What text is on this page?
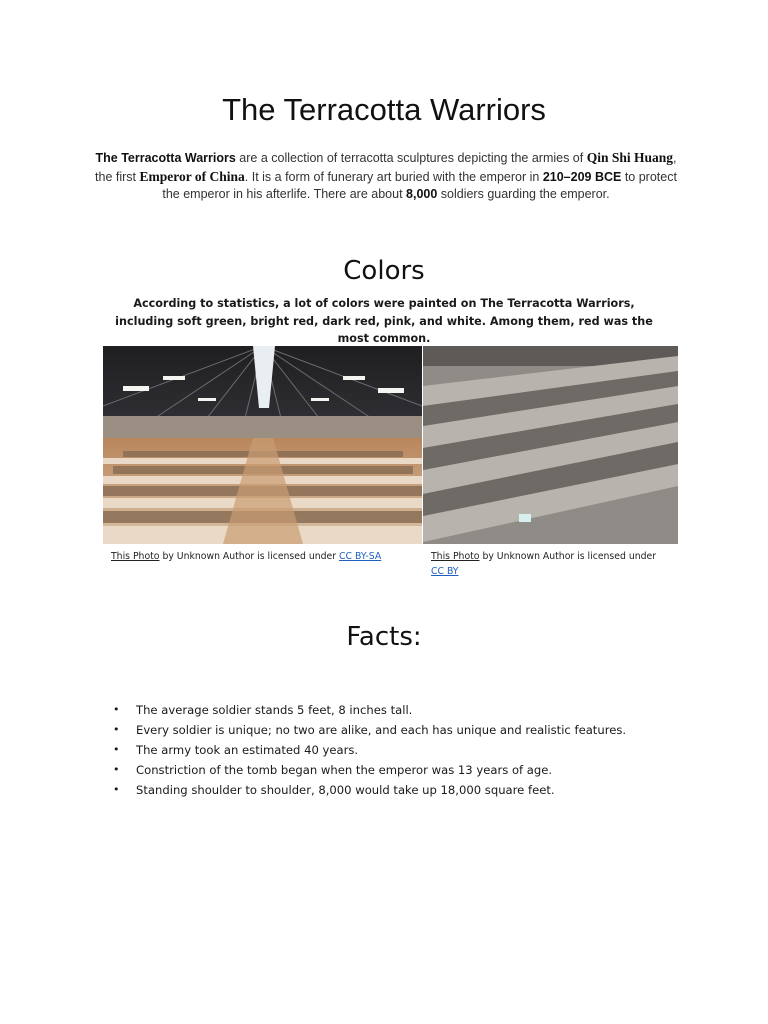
The Terracotta Warriors

The Terracotta Warriors are a collection of terracotta sculptures depicting the armies of Qin Shi Huang, the first Emperor of China. It is a form of funerary art buried with the emperor in 210–209 BCE to protect the emperor in his afterlife. There are about 8,000 soldiers guarding the emperor.

Colors

According to statistics, a lot of colors were painted on The Terracotta Warriors, including soft green, bright red, dark red, pink, and white. Among them, red was the most common.

This Photo by Unknown Author is licensed under CC BY-SA	This Photo by Unknown Author is licensed under
CC BY

Facts:
• The average soldier stands 5 feet, 8 inches tall.
• Every soldier is unique; no two are alike, and each has unique and realistic features.
• The army took an estimated 40 years.
• Constriction of the tomb began when the emperor was 13 years of age.
• Standing shoulder to shoulder, 8,000 would take up 18,000 square feet.
